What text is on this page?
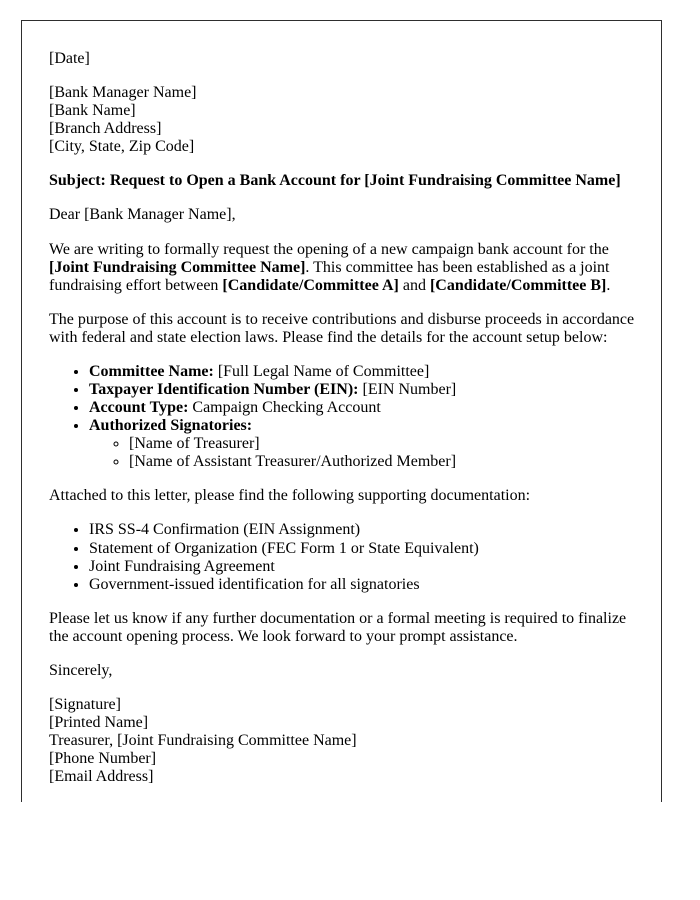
[Date]

[Bank Manager Name]
[Bank Name]
[Branch Address]
[City, State, Zip Code]

Subject: Request to Open a Bank Account for [Joint Fundraising Committee Name]

Dear [Bank Manager Name],

We are writing to formally request the opening of a new campaign bank account for the [Joint Fundraising Committee Name]. This committee has been established as a joint fundraising effort between [Candidate/Committee A] and [Candidate/Committee B].

The purpose of this account is to receive contributions and disburse proceeds in accordance with federal and state election laws. Please find the details for the account setup below:

• Committee Name: [Full Legal Name of Committee]
• Taxpayer Identification Number (EIN): [EIN Number]
• Account Type: Campaign Checking Account
• Authorized Signatories:
◦ [Name of Treasurer]
◦ [Name of Assistant Treasurer/Authorized Member]

Attached to this letter, please find the following supporting documentation:

• IRS SS-4 Confirmation (EIN Assignment)
• Statement of Organization (FEC Form 1 or State Equivalent)
• Joint Fundraising Agreement
• Government-issued identification for all signatories

Please let us know if any further documentation or a formal meeting is required to finalize the account opening process. We look forward to your prompt assistance.

Sincerely,

[Signature]
[Printed Name]
Treasurer, [Joint Fundraising Committee Name]
[Phone Number]
[Email Address]
